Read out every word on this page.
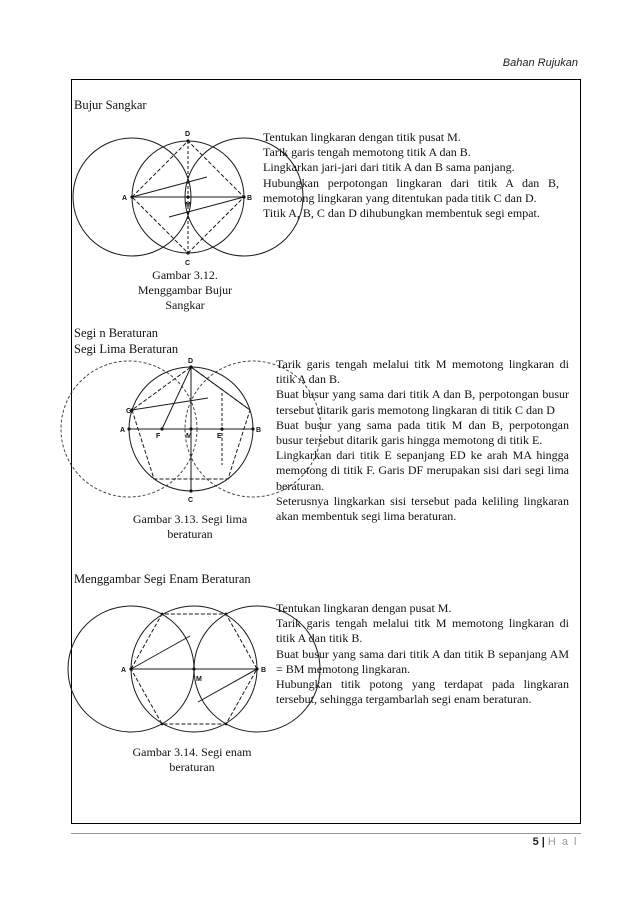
Bahan Rujukan
Bujur Sangkar
D
A	B
M
C
Gambar 3.12.
Menggambar Bujur
Sangkar

Tentukan lingkaran dengan titik pusat M.

Tarik garis tengah memotong titik A dan B.

Lingkarkan jari-jari dari titik A dan B sama panjang.

Hubungkan perpotongan lingkaran dari titik A dan B, memotong lingkaran yang ditentukan pada titik C dan D.

Titik A, B, C dan D dihubungkan membentuk segi empat.

Segi n Beraturan
Segi Lima Beraturan
D
G
A
F	M	E
B
C
Gambar 3.13. Segi lima
beraturan

Tarik garis tengah melalui titk M memotong lingkaran di titik A dan B.

Buat busur yang sama dari titik A dan B, perpotongan busur tersebut ditarik garis memotong lingkaran di titik C dan D

Buat busur yang sama pada titik M dan B, perpotongan busur tersebut ditarik garis hingga memotong di titik E.

Lingkarkan dari titik E sepanjang ED ke arah MA hingga memotong di titik F. Garis DF merupakan sisi dari segi lima beraturan.

Seterusnya lingkarkan sisi tersebut pada keliling lingkaran akan membentuk segi lima beraturan.

Menggambar Segi Enam Beraturan
A
M
B
Gambar 3.14. Segi enam
beraturan

Tentukan lingkaran dengan pusat M.

Tarik garis tengah melalui titk M memotong lingkaran di titik A dan titik B.

Buat busur yang sama dari titik A dan titik B sepanjang AM = BM memotong lingkaran.

Hubungkan titik potong yang terdapat pada lingkaran tersebut, sehingga tergambarlah segi enam beraturan.

5 | H a l
